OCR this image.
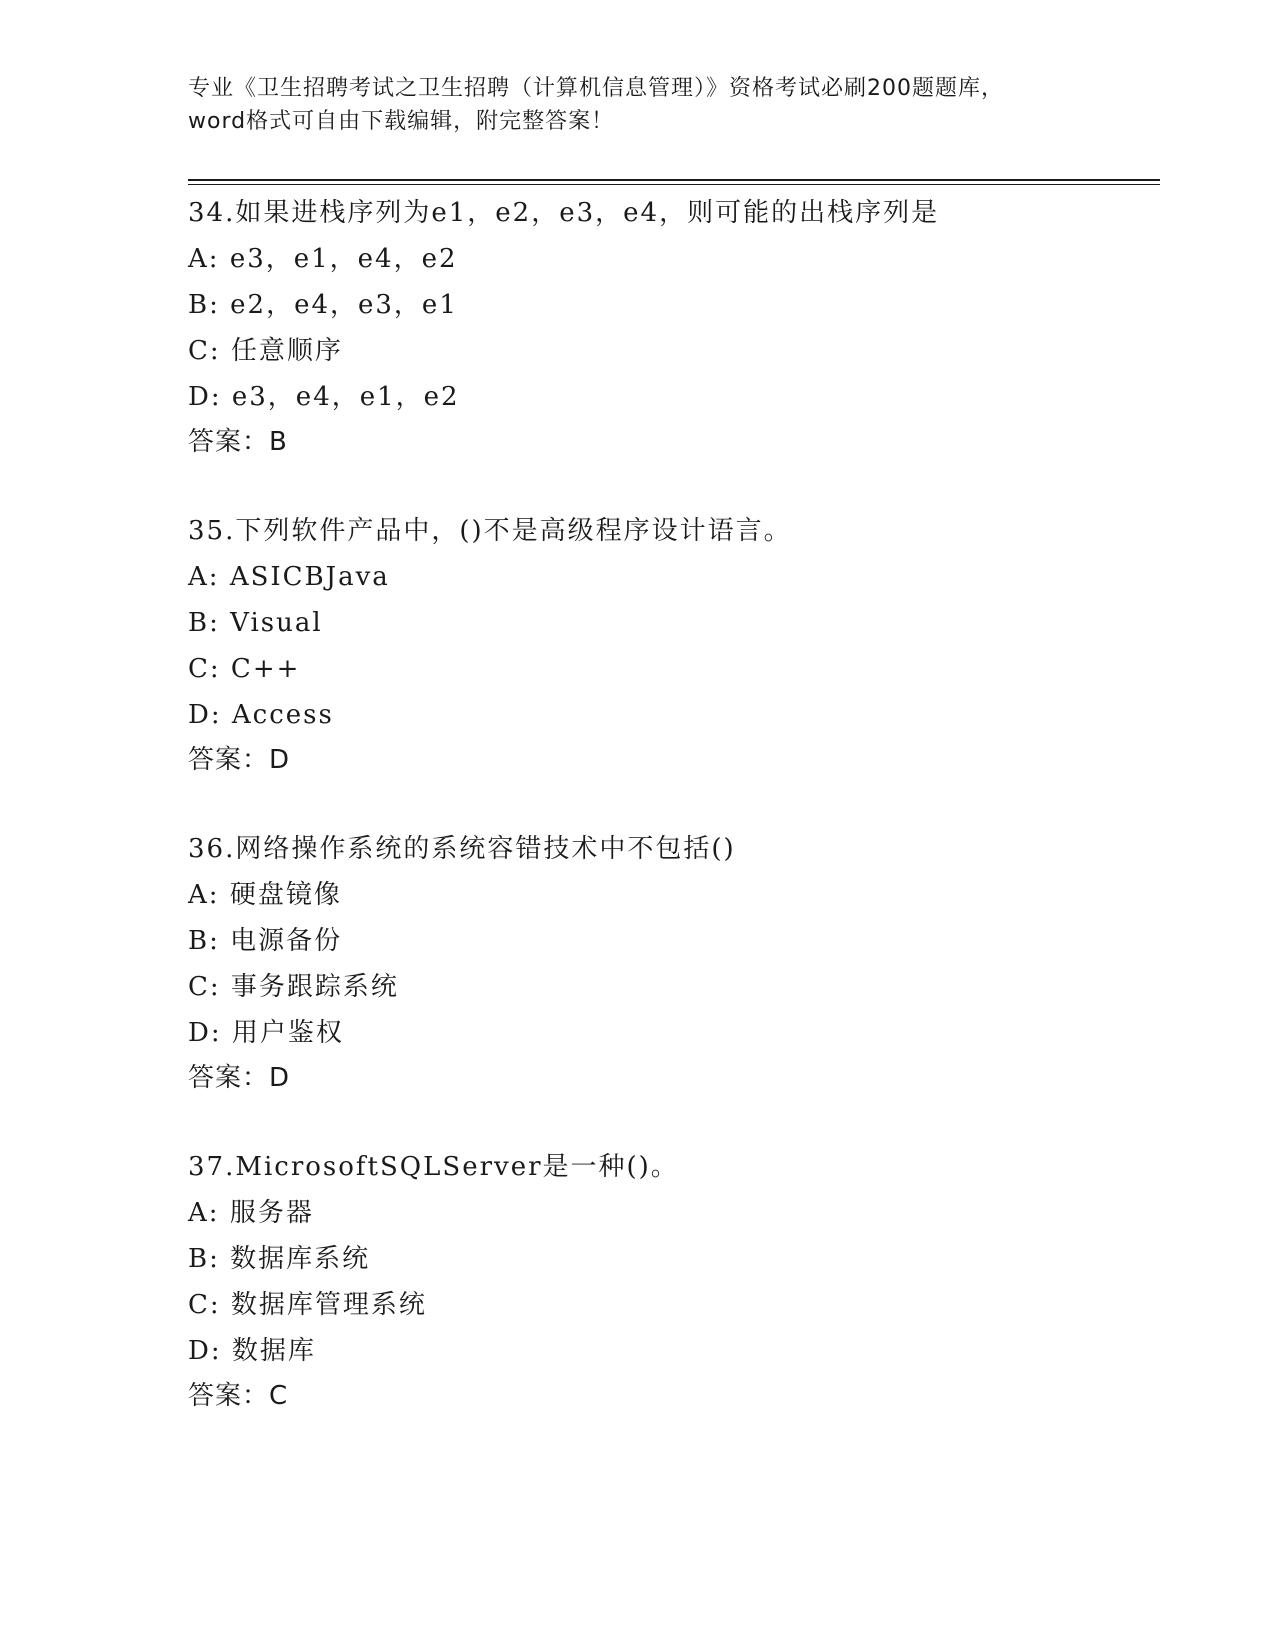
专业《卫生招聘考试之卫生招聘（计算机信息管理）》资格考试必刷200题题库，
word格式可自由下载编辑，附完整答案！
34.如果进栈序列为e1，e2，e3，e4，则可能的出栈序列是
A: e3，e1，e4，e2
B: e2，e4，e3，e1
C: 任意顺序
D: e3，e4，e1，e2
答案：B
35.下列软件产品中，()不是高级程序设计语言。
A: ASICBJava
B: Visual
C: C++
D: Access
答案：D
36.网络操作系统的系统容错技术中不包括()
A: 硬盘镜像
B: 电源备份
C: 事务跟踪系统
D: 用户鉴权
答案：D
37.MicrosoftSQLServer是一种()。
A: 服务器
B: 数据库系统
C: 数据库管理系统
D: 数据库
答案：C
